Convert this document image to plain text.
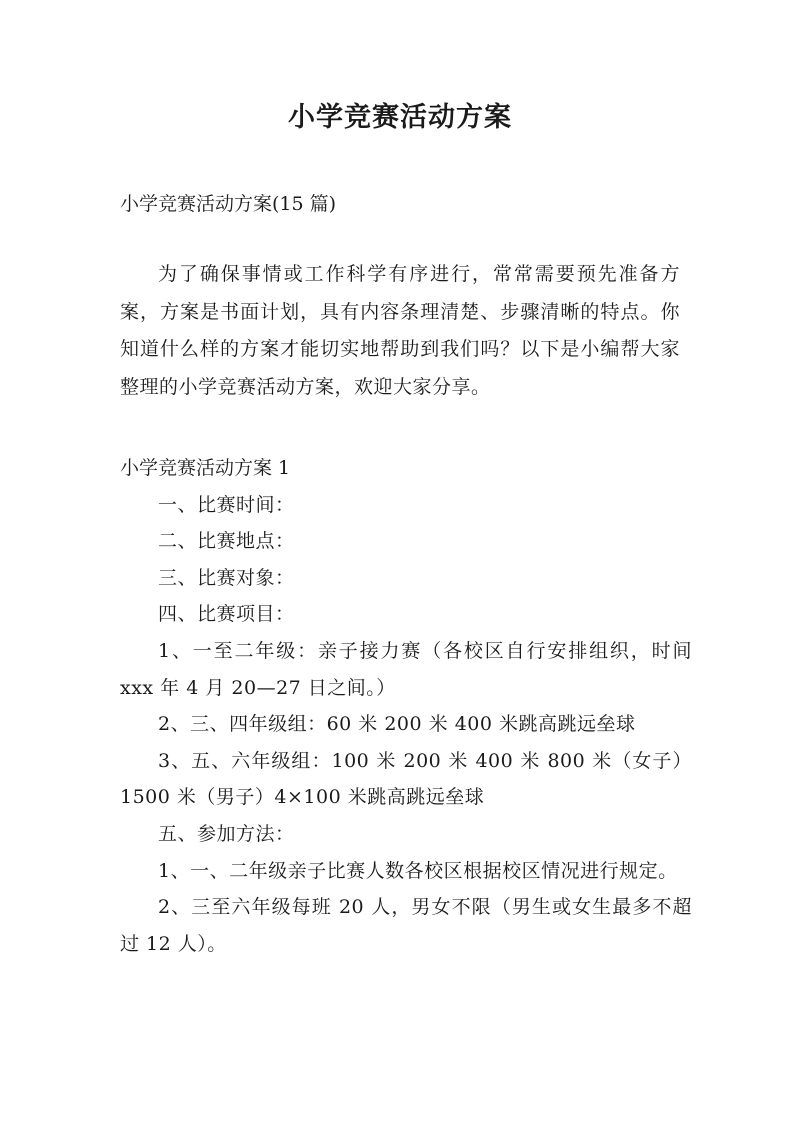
小学竞赛活动方案
小学竞赛活动方案(15 篇)
为了确保事情或工作科学有序进行，常常需要预先准备方案，方案是书面计划，具有内容条理清楚、步骤清晰的特点。你知道什么样的方案才能切实地帮助到我们吗？以下是小编帮大家整理的小学竞赛活动方案，欢迎大家分享。
小学竞赛活动方案 1
一、比赛时间：
二、比赛地点：
三、比赛对象：
四、比赛项目：
1、一至二年级：亲子接力赛（各校区自行安排组织，时间 xxx 年 4 月 20—27 日之间。）
2、三、四年级组：60 米 200 米 400 米跳高跳远垒球
3、五、六年级组：100 米 200 米 400 米 800 米（女子）1500 米（男子）4×100 米跳高跳远垒球
五、参加方法：
1、一、二年级亲子比赛人数各校区根据校区情况进行规定。
2、三至六年级每班 20 人，男女不限（男生或女生最多不超过 12 人）。
